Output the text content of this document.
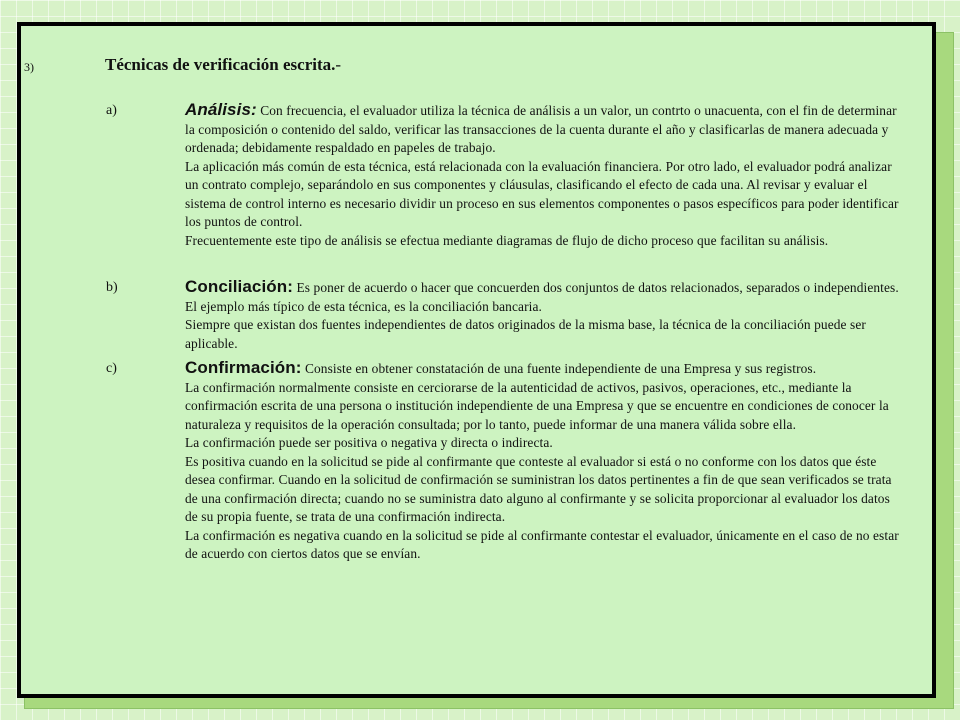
3)	Técnicas de verificación escrita.-
a)	Análisis: Con frecuencia, el evaluador utiliza la técnica de análisis a un valor, un contrto o unacuenta, con el fin de determinar la composición o contenido del saldo, verificar las transacciones de la cuenta durante el año y clasificarlas de manera adecuada y ordenada; debidamente respaldado en papeles de trabajo.

La aplicación más común de esta técnica, está relacionada con la evaluación financiera. Por otro lado, el evaluador podrá analizar un contrato complejo, separándolo en sus componentes y cláusulas, clasificando el efecto de cada una. Al revisar y evaluar el sistema de control interno es necesario dividir un proceso en sus elementos componentes o pasos específicos para poder identificar los puntos de control.

Frecuentemente este tipo de análisis se efectua mediante diagramas de flujo de dicho proceso que facilitan su análisis.

b)	Conciliación: Es poner de acuerdo o hacer que concuerden dos conjuntos de datos relacionados, separados o independientes. El ejemplo más típico de esta técnica, es la conciliación bancaria.

Siempre que existan dos fuentes independientes de datos originados de la misma base, la técnica de la conciliación puede ser aplicable.

c)	Confirmación: Consiste en obtener constatación de una fuente independiente de una Empresa y sus registros.

La confirmación normalmente consiste en cerciorarse de la autenticidad de activos, pasivos, operaciones, etc., mediante la confirmación escrita de una persona o institución independiente de una Empresa y que se encuentre en condiciones de conocer la naturaleza y requisitos de la operación consultada; por lo tanto, puede informar de una manera válida sobre ella.

La confirmación puede ser positiva o negativa y directa o indirecta.

Es positiva cuando en la solicitud se pide al confirmante que conteste al evaluador si está o no conforme con los datos que éste desea confirmar. Cuando en la solicitud de confirmación se suministran los datos pertinentes a fin de que sean verificados se trata de una confirmación directa; cuando no se suministra dato alguno al confirmante y se solicita proporcionar al evaluador los datos de su propia fuente, se trata de una confirmación indirecta.

La confirmación es negativa cuando en la solicitud se pide al confirmante contestar el evaluador, únicamente en el caso de no estar de acuerdo con ciertos datos que se envían.
